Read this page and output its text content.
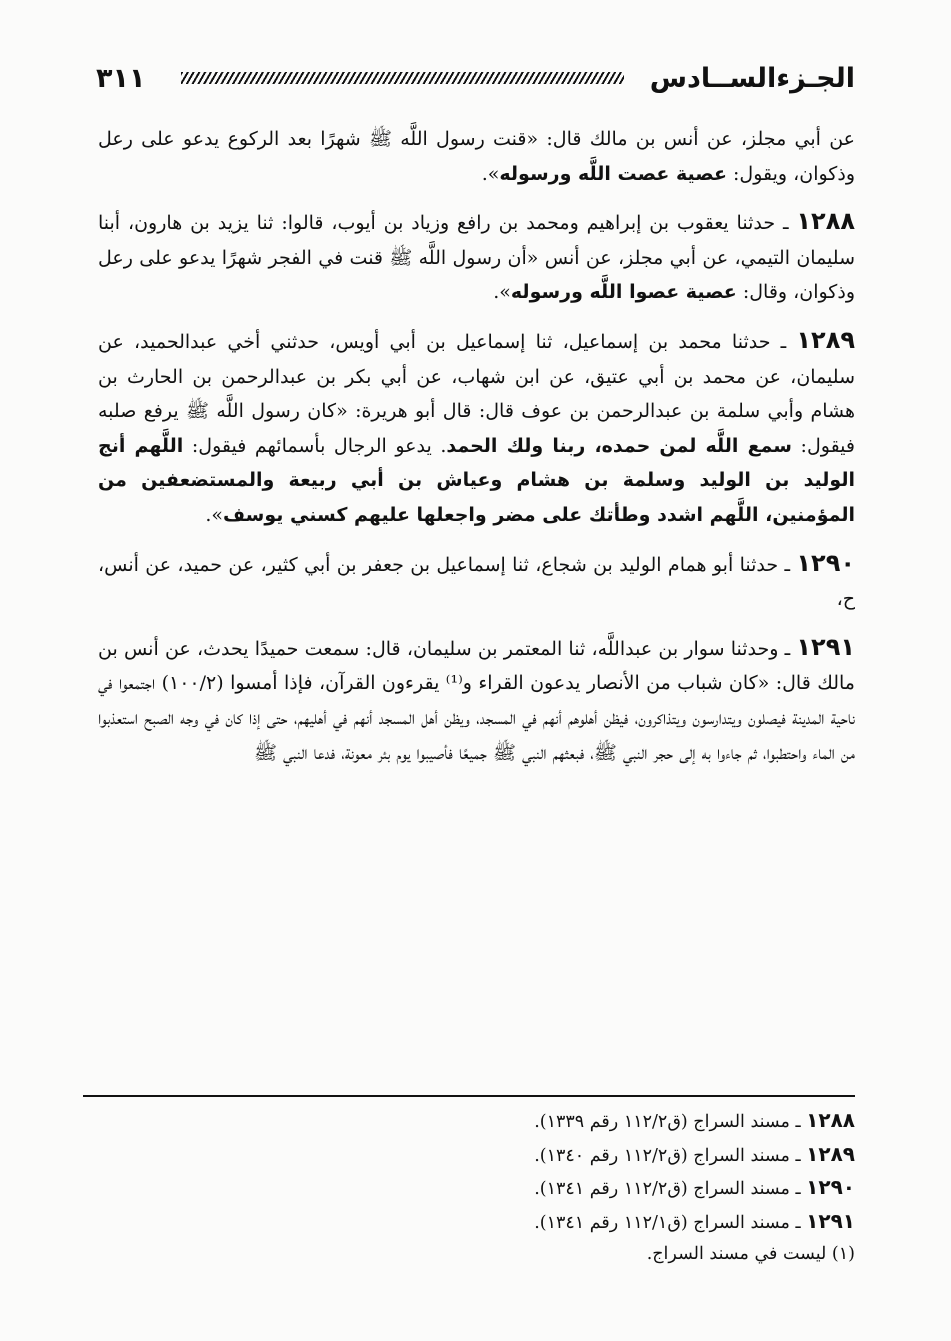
الجـزءالســادس
٣١١

عن أبي مجلز، عن أنس بن مالك قال: «قنت رسول اللَّه ﷺ شهرًا بعد الركوع يدعو على رعل وذكوان، ويقول: عصية عصت اللَّه ورسوله».

١٢٨٨ ـ حدثنا يعقوب بن إبراهيم ومحمد بن رافع وزياد بن أيوب، قالوا: ثنا يزيد بن هارون، أبنا سليمان التيمي، عن أبي مجلز، عن أنس «أن رسول اللَّه ﷺ قنت في الفجر شهرًا يدعو على رعل وذكوان، وقال: عصية عصوا اللَّه ورسوله».

١٢٨٩ ـ حدثنا محمد بن إسماعيل، ثنا إسماعيل بن أبي أويس، حدثني أخي عبدالحميد، عن سليمان، عن محمد بن أبي عتيق، عن ابن شهاب، عن أبي بكر بن عبدالرحمن بن الحارث بن هشام وأبي سلمة بن عبدالرحمن بن عوف قال: قال أبو هريرة: «كان رسول اللَّه ﷺ يرفع صلبه فيقول: سمع اللَّه لمن حمده، ربنا ولك الحمد. يدعو الرجال بأسمائهم فيقول: اللَّهم أنج الوليد بن الوليد وسلمة بن هشام وعياش بن أبي ربيعة والمستضعفين من المؤمنين، اللَّهم اشدد وطأتك على مضر واجعلها عليهم كسني يوسف».

١٢٩٠ ـ حدثنا أبو همام الوليد بن شجاع، ثنا إسماعيل بن جعفر بن أبي كثير، عن حميد، عن أنس، ح،

١٢٩١ ـ وحدثنا سوار بن عبداللَّه، ثنا المعتمر بن سليمان، قال: سمعت حميدًا يحدث، عن أنس بن مالك قال: «كان شباب من الأنصار يدعون القراء و⁽¹⁾ يقرءون القرآن، فإذا أمسوا (١٠٠/٢) اجتمعوا في ناحية المدينة فيصلون ويتدارسون ويتذاكرون، فيظن أهلوهم أنهم في المسجد، ويظن أهل المسجد أنهم في أهليهم، حتى إذا كان في وجه الصبح استعذبوا من الماء واحتطبوا، ثم جاءوا به إلى حجر النبي ﷺ، فبعثهم النبي ﷺ جميعًا فأصيبوا يوم بئر معونة، فدعا النبي ﷺ

١٢٨٨ ـ مسند السراج (ق١١٢/٢ رقم ١٣٣٩).
١٢٨٩ ـ مسند السراج (ق١١٢/٢ رقم ١٣٤٠).
١٢٩٠ ـ مسند السراج (ق١١٢/٢ رقم ١٣٤١).
١٢٩١ ـ مسند السراج (ق١١٢/١ رقم ١٣٤١).
(١) ليست في مسند السراج.
